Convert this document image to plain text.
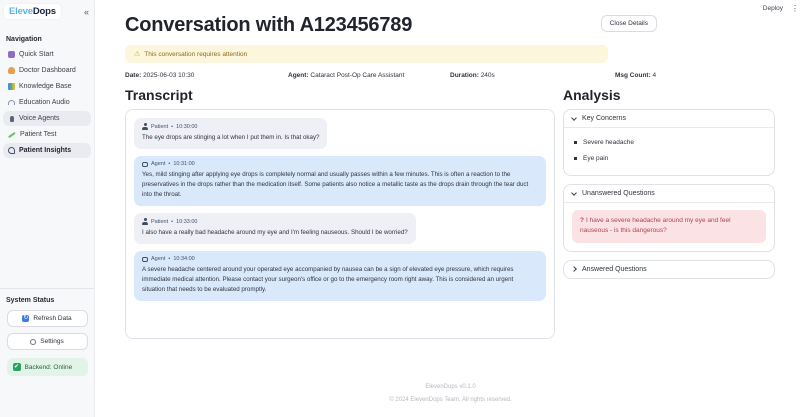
EleveDops	«
Navigation
Quick Start
Doctor Dashboard
Knowledge Base
Education Audio
Voice Agents
Patient Test
Patient Insights
System Status
↻ Refresh Data
Settings
✔ Backend: Online
Deploy ⋮
Conversation with A123456789	Close Details
⚠ This conversation requires attention
Date: 2025-06-03 10:30	Agent: Cataract Post-Op Care Assistant	Duration: 240s	Msg Count: 4
Transcript
Patient • 10:30:00
The eye drops are stinging a lot when I put them in. Is that okay?
Agent • 10:31:00
Yes, mild stinging after applying eye drops is completely normal and usually passes within a few minutes. This is often a reaction to the preservatives in the drops rather than the medication itself. Some patients also notice a metallic taste as the drops drain through the tear duct into the throat.
Patient • 10:33:00
I also have a really bad headache around my eye and I'm feeling nauseous. Should I be worried?
Agent • 10:34:00
A severe headache centered around your operated eye accompanied by nausea can be a sign of elevated eye pressure, which requires immediate medical attention. Please contact your surgeon's office or go to the emergency room right away. This is considered an urgent situation that needs to be evaluated promptly.
Analysis
Key Concerns
Severe headache
Eye pain
Unanswered Questions
? I have a severe headache around my eye and feel nauseous - is this dangerous?
Answered Questions
ElevenDops v0.1.0
© 2024 ElevenDops Team. All rights reserved.
